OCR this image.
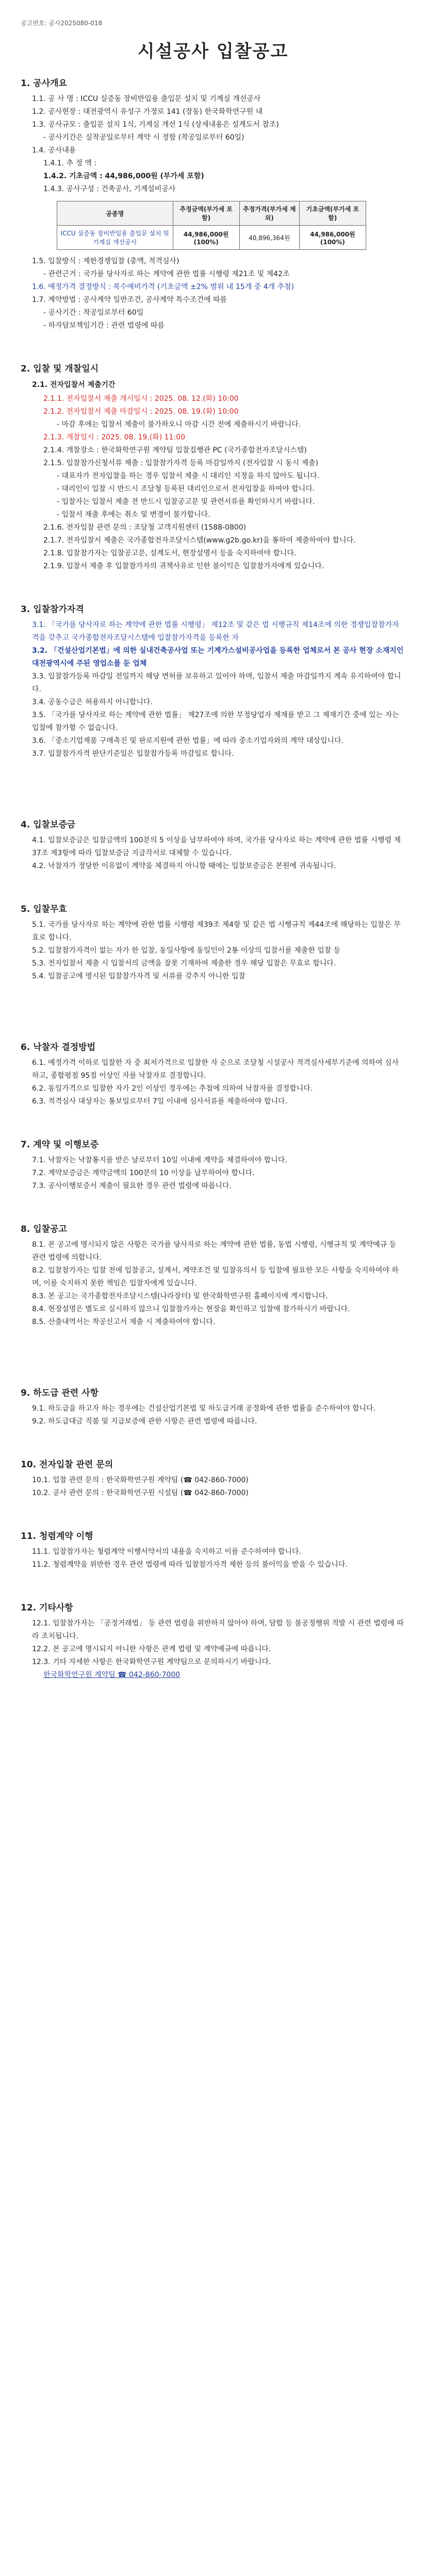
공고번호: 공사2025080-018
시설공사 입찰공고
1. 공사개요

1.1. 공 사 명 : ICCU 실증동 장비반입용 출입문 설치 및 기계실 개선공사

1.2. 공사현장 : 대전광역시 유성구 가정로 141 (장동) 한국화학연구원 내

1.3. 공사규모 : 출입문 설치 1식, 기계실 개선 1식 (상세내용은 설계도서 참조)

- 공사기간은 실착공일로부터 계약 시 정함 (착공일로부터 60일)

1.4. 공사내용

1.4.1. 추 정 액 :

1.4.2. 기초금액 : 44,986,000원 (부가세 포함)

1.4.3. 공사구성 : 건축공사, 기계설비공사

공종명	추정금액(부가세 포함)	추정가격(부가세 제외)	기초금액(부가세 포함)
ICCU 실증동 장비반입용 출입문 설치 및 기계실 개선공사	44,986,000원(100%)	40,896,364원	44,986,000원(100%)

1.5. 입찰방식 : 제한경쟁입찰 (총액, 적격심사)

- 관련근거 : 국가를 당사자로 하는 계약에 관한 법률 시행령 제21조 및 제42조

1.6. 예정가격 결정방식 : 복수예비가격 (기초금액 ±2% 범위 내 15개 중 4개 추첨)

1.7. 계약방법 : 공사계약 일반조건, 공사계약 특수조건에 따름

- 공사기간 : 착공일로부터 60일

- 하자담보책임기간 : 관련 법령에 따름

2. 입찰 및 개찰일시
2.1. 전자입찰서 제출기간

2.1.1. 전자입찰서 제출 개시일시 : 2025. 08. 12.(화) 10:00

2.1.2. 전자입찰서 제출 마감일시 : 2025. 08. 19.(화) 10:00

- 마감 후에는 입찰서 제출이 불가하오니 마감 시간 전에 제출하시기 바랍니다.

2.1.3. 개찰일시 : 2025. 08. 19.(화) 11:00

2.1.4. 개찰장소 : 한국화학연구원 계약팀 입찰집행관 PC (국가종합전자조달시스템)

2.1.5. 입찰참가신청서류 제출 : 입찰참가자격 등록 마감일까지 (전자입찰 시 동시 제출)

- 대표자가 전자입찰을 하는 경우 입찰서 제출 시 대리인 지정을 하지 않아도 됩니다.

- 대리인이 입찰 시 반드시 조달청 등록된 대리인으로서 전자입찰을 하여야 합니다.

- 입찰자는 입찰서 제출 전 반드시 입찰공고문 및 관련서류를 확인하시기 바랍니다.

- 입찰서 제출 후에는 취소 및 변경이 불가합니다.

2.1.6. 전자입찰 관련 문의 : 조달청 고객지원센터 (1588-0800)

2.1.7. 전자입찰서 제출은 국가종합전자조달시스템(www.g2b.go.kr)을 통하여 제출하여야 합니다.

2.1.8. 입찰참가자는 입찰공고문, 설계도서, 현장설명서 등을 숙지하여야 합니다.

2.1.9. 입찰서 제출 후 입찰참가자의 귀책사유로 인한 불이익은 입찰참가자에게 있습니다.

3. 입찰참가자격

3.1. 「국가를 당사자로 하는 계약에 관한 법률 시행령」 제12조 및 같은 법 시행규칙 제14조에 의한 경쟁입찰참가자격을 갖추고 국가종합전자조달시스템에 입찰참가자격을 등록한 자

3.2. 「건설산업기본법」에 의한 실내건축공사업 또는 기계가스설비공사업을 등록한 업체로서 본 공사 현장 소재지인 대전광역시에 주된 영업소를 둔 업체

3.3. 입찰참가등록 마감일 전일까지 해당 면허를 보유하고 있어야 하며, 입찰서 제출 마감일까지 계속 유지하여야 합니다.

3.4. 공동수급은 허용하지 아니합니다.

3.5. 「국가를 당사자로 하는 계약에 관한 법률」 제27조에 의한 부정당업자 제재를 받고 그 제재기간 중에 있는 자는 입찰에 참가할 수 없습니다.

3.6. 「중소기업제품 구매촉진 및 판로지원에 관한 법률」에 따라 중소기업자와의 계약 대상입니다.

3.7. 입찰참가자격 판단기준일은 입찰참가등록 마감일로 합니다.

4. 입찰보증금

4.1. 입찰보증금은 입찰금액의 100분의 5 이상을 납부하여야 하며, 국가를 당사자로 하는 계약에 관한 법률 시행령 제37조 제3항에 따라 입찰보증금 지급각서로 대체할 수 있습니다.

4.2. 낙찰자가 정당한 이유없이 계약을 체결하지 아니할 때에는 입찰보증금은 본원에 귀속됩니다.

5. 입찰무효

5.1. 국가를 당사자로 하는 계약에 관한 법률 시행령 제39조 제4항 및 같은 법 시행규칙 제44조에 해당하는 입찰은 무효로 합니다.

5.2. 입찰참가자격이 없는 자가 한 입찰, 동일사항에 동일인이 2통 이상의 입찰서를 제출한 입찰 등

5.3. 전자입찰서 제출 시 입찰서의 금액을 잘못 기재하여 제출한 경우 해당 입찰은 무효로 합니다.

5.4. 입찰공고에 명시된 입찰참가자격 및 서류를 갖추지 아니한 입찰

6. 낙찰자 결정방법

6.1. 예정가격 이하로 입찰한 자 중 최저가격으로 입찰한 자 순으로 조달청 시설공사 적격심사세부기준에 의하여 심사하고, 종합평점 95점 이상인 자를 낙찰자로 결정합니다.

6.2. 동일가격으로 입찰한 자가 2인 이상인 경우에는 추첨에 의하여 낙찰자를 결정합니다.

6.3. 적격심사 대상자는 통보일로부터 7일 이내에 심사서류를 제출하여야 합니다.

7. 계약 및 이행보증

7.1. 낙찰자는 낙찰통지를 받은 날로부터 10일 이내에 계약을 체결하여야 합니다.

7.2. 계약보증금은 계약금액의 100분의 10 이상을 납부하여야 합니다.

7.3. 공사이행보증서 제출이 필요한 경우 관련 법령에 따릅니다.

8. 입찰공고

8.1. 본 공고에 명시되지 않은 사항은 국가를 당사자로 하는 계약에 관한 법률, 동법 시행령, 시행규칙 및 계약예규 등 관련 법령에 의합니다.

8.2. 입찰참가자는 입찰 전에 입찰공고, 설계서, 계약조건 및 입찰유의서 등 입찰에 필요한 모든 사항을 숙지하여야 하며, 이를 숙지하지 못한 책임은 입찰자에게 있습니다.

8.3. 본 공고는 국가종합전자조달시스템(나라장터) 및 한국화학연구원 홈페이지에 게시합니다.

8.4. 현장설명은 별도로 실시하지 않으니 입찰참가자는 현장을 확인하고 입찰에 참가하시기 바랍니다.

8.5. 산출내역서는 착공신고서 제출 시 제출하여야 합니다.

9. 하도급 관련 사항

9.1. 하도급을 하고자 하는 경우에는 건설산업기본법 및 하도급거래 공정화에 관한 법률을 준수하여야 합니다.

9.2. 하도급대금 직불 및 지급보증에 관한 사항은 관련 법령에 따릅니다.

10. 전자입찰 관련 문의

10.1. 입찰 관련 문의 : 한국화학연구원 계약팀 (☎ 042-860-7000)

10.2. 공사 관련 문의 : 한국화학연구원 시설팀 (☎ 042-860-7000)

11. 청렴계약 이행

11.1. 입찰참가자는 청렴계약 이행서약서의 내용을 숙지하고 이를 준수하여야 합니다.

11.2. 청렴계약을 위반한 경우 관련 법령에 따라 입찰참가자격 제한 등의 불이익을 받을 수 있습니다.

12. 기타사항

12.1. 입찰참가자는 「공정거래법」 등 관련 법령을 위반하지 않아야 하며, 담합 등 불공정행위 적발 시 관련 법령에 따라 조치됩니다.

12.2. 본 공고에 명시되지 아니한 사항은 관계 법령 및 계약예규에 따릅니다.

12.3. 기타 자세한 사항은 한국화학연구원 계약팀으로 문의하시기 바랍니다.

한국화학연구원 계약팀 ☎ 042-860-7000
